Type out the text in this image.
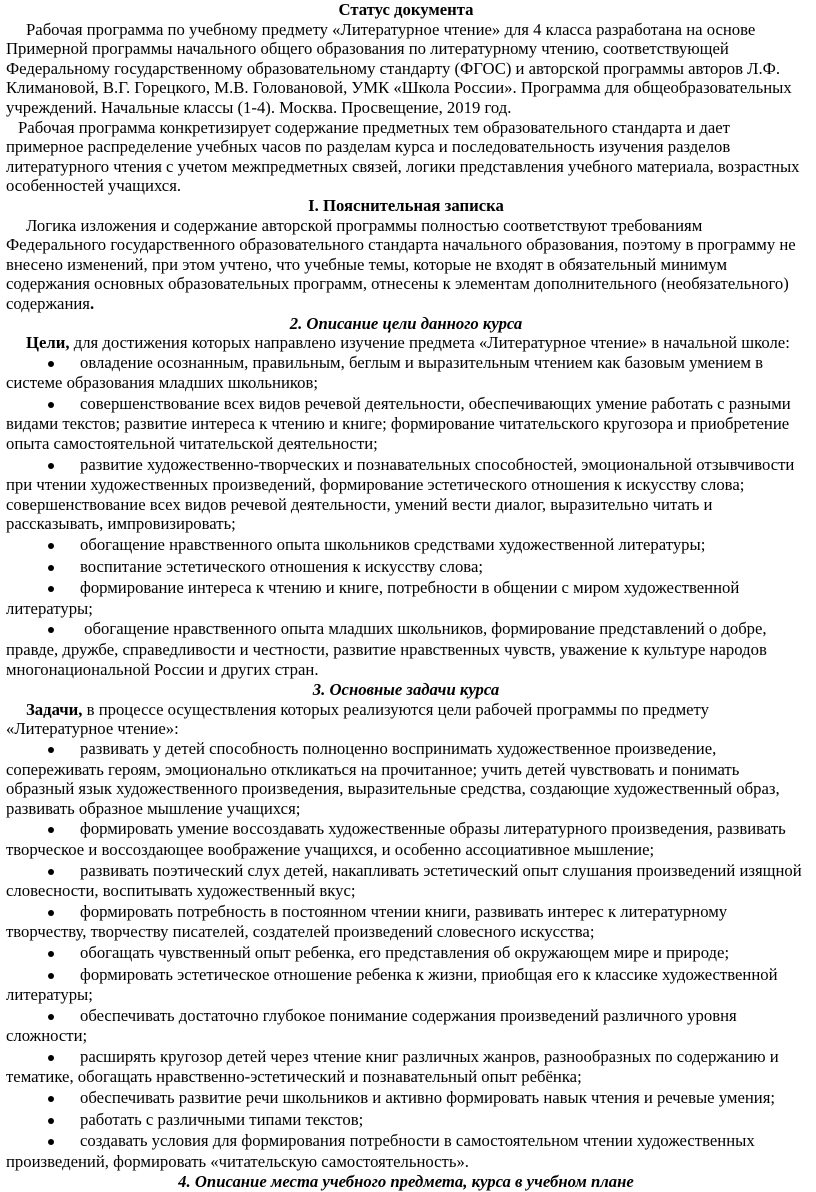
Статус документа

Рабочая программа по учебному предмету «Литературное чтение» для 4 класса разработана на основе Примерной программы начального общего образования по литературному чтению, соответствующей Федеральному государственному образовательному стандарту (ФГОС) и авторской программы авторов Л.Ф. Климановой, В.Г. Горецкого, М.В. Головановой, УМК «Школа России». Программа для общеобразовательных учреждений. Начальные классы (1-4). Москва. Просвещение, 2019 год.

Рабочая программа конкретизирует содержание предметных тем образовательного стандарта и дает примерное распределение учебных часов по разделам курса и последовательность изучения разделов литературного чтения с учетом межпредметных связей, логики представления учебного материала, возрастных особенностей учащихся.

I. Пояснительная записка

Логика изложения и содержание авторской программы полностью соответствуют требованиям Федерального государственного образовательного стандарта начального образования, поэтому в программу не внесено изменений, при этом учтено, что учебные темы, которые не входят в обязательный минимум содержания основных образовательных программ, отнесены к элементам дополнительного (необязательного) содержания.

2. Описание цели данного курса

Цели, для достижения которых направлено изучение предмета «Литературное чтение» в начальной школе:

овладение осознанным, правильным, беглым и выразительным чтением как базовым умением в системе образования младших школьников;

совершенствование всех видов речевой деятельности, обеспечивающих умение работать с разными видами текстов; развитие интереса к чтению и книге; формирование читательского кругозора и приобретение опыта самостоятельной читательской деятельности;

развитие художественно-творческих и познавательных способностей, эмоциональной отзывчивости при чтении художественных произведений, формирование эстетического отношения к искусству слова; совершенствование всех видов речевой деятельности, умений вести диалог, выразительно читать и рассказывать, импровизировать;

обогащение нравственного опыта школьников средствами художественной литературы;

воспитание эстетического отношения к искусству слова;

формирование интереса к чтению и книге, потребности в общении с миром художественной литературы;

обогащение нравственного опыта младших школьников, формирование представлений о добре, правде, дружбе, справедливости и честности, развитие нравственных чувств, уважение к культуре народов многонациональной России и других стран.

3. Основные задачи курса

Задачи, в процессе осуществления которых реализуются цели рабочей программы по предмету «Литературное чтение»:

развивать у детей способность полноценно воспринимать художественное произведение, сопереживать героям, эмоционально откликаться на прочитанное; учить детей чувствовать и понимать образный язык художественного произведения, выразительные средства, создающие художественный образ, развивать образное мышление учащихся;

формировать умение воссоздавать художественные образы литературного произведения, развивать творческое и воссоздающее воображение учащихся, и особенно ассоциативное мышление;

развивать поэтический слух детей, накапливать эстетический опыт слушания произведений изящной словесности, воспитывать художественный вкус;

формировать потребность в постоянном чтении книги, развивать интерес к литературному творчеству, творчеству писателей, создателей произведений словесного искусства;

обогащать чувственный опыт ребенка, его представления об окружающем мире и природе;

формировать эстетическое отношение ребенка к жизни, приобщая его к классике художественной литературы;

обеспечивать достаточно глубокое понимание содержания произведений различного уровня сложности;

расширять кругозор детей через чтение книг различных жанров, разнообразных по содержанию и тематике, обогащать нравственно-эстетический и познавательный опыт ребёнка;

обеспечивать развитие речи школьников и активно формировать навык чтения и речевые умения;

работать с различными типами текстов;

создавать условия для формирования потребности в самостоятельном чтении художественных произведений, формировать «читательскую самостоятельность».

4. Описание места учебного предмета, курса в учебном плане
